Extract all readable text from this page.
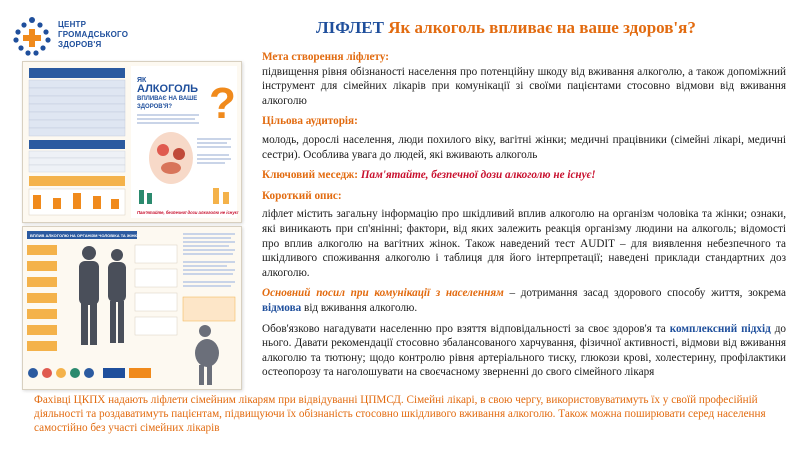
ЦЕНТР
ГРОМАДСЬКОГО
ЗДОРОВ'Я
ЛІФЛЕТ Як алкоголь впливає на ваше здоров'я?
ЯК
АЛКОГОЛЬ
ВПЛИВАЄ НА ВАШЕ
ЗДОРОВ'Я? ?
Пам'ятайте, безпечної дози алкоголю не існує!
ВПЛИВ АЛКОГОЛЮ НА ОРГАНІЗМ ЧОЛОВІКА ТА ЖІНКИ

Мета створення ліфлету:

підвищення рівня обізнаності населення про потенційну шкоду від вживання алкоголю, а також допоміжний інструмент для сімейних лікарів при комунікації зі своїми пацієнтами стосовно відмови від вживання алкоголю

Цільова аудиторія:

молодь, дорослі населення, люди похилого віку, вагітні жінки; медичні працівники (сімейні лікарі, медичні сестри). Особлива увага до людей, які вживають алкоголь

Ключовий меседж: Пам'ятайте, безпечної дози алкоголю не існує!

Короткий опис:

ліфлет містить загальну інформацію про шкідливий вплив алкоголю на організм чоловіка та жінки; ознаки, які виникають при сп'янінні; фактори, від яких залежить реакція організму людини на алкоголь; відомості про вплив алкоголю на вагітних жінок. Також наведений тест AUDIT – для виявлення небезпечного та шкідливого споживання алкоголю і таблиця для його інтерпретації; наведені приклади стандартних доз алкоголю.

Основний посил при комунікації з населенням – дотримання засад здорового способу життя, зокрема відмова від вживання алкоголю.

Обов'язково нагадувати населенню про взяття відповідальності за своє здоров'я та комплексний підхід до нього. Давати рекомендації стосовно збалансованого харчування, фізичної активності, відмови від вживання алкоголю та тютюну; щодо контролю рівня артеріального тиску, глюкози крові, холестерину, профілактики остеопорозу та наголошувати на своєчасному зверненні до свого сімейного лікаря

Фахівці ЦКПХ надають ліфлети сімейним лікарям при відвідуванні ЦПМСД. Сімейні лікарі, в свою чергу, використовуватимуть їх у своїй професійній діяльності та роздаватимуть пацієнтам, підвищуючи їх обізнаність стосовно шкідливого вживання алкоголю. Також можна поширювати серед населення самостійно без участі сімейних лікарів
